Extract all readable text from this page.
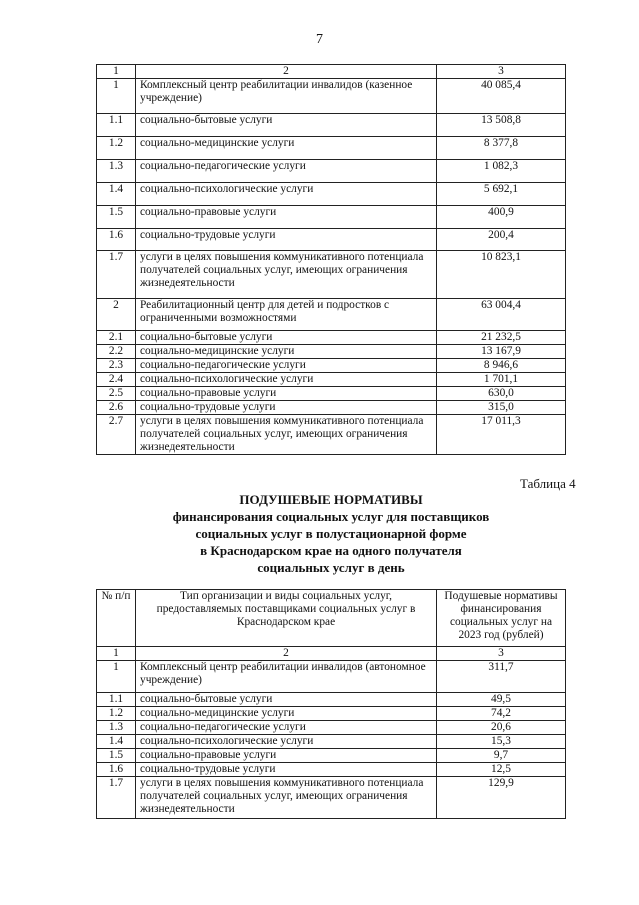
7
1	2	3
1	Комплексный центр реабилитации инвалидов (казенное учреждение)	40 085,4
1.1	социально-бытовые услуги	13 508,8
1.2	социально-медицинские услуги	8 377,8
1.3	социально-педагогические услуги	1 082,3
1.4	социально-психологические услуги	5 692,1
1.5	социально-правовые услуги	400,9
1.6	социально-трудовые услуги	200,4
1.7	услуги в целях повышения коммуникативного потенциала получателей социальных услуг, имеющих ограничения жизнедеятельности	10 823,1
2	Реабилитационный центр для детей и подростков с ограниченными возможностями	63 004,4
2.1	социально-бытовые услуги	21 232,5
2.2	социально-медицинские услуги	13 167,9
2.3	социально-педагогические услуги	8 946,6
2.4	социально-психологические услуги	1 701,1
2.5	социально-правовые услуги	630,0
2.6	социально-трудовые услуги	315,0
2.7	услуги в целях повышения коммуникативного потенциала получателей социальных услуг, имеющих ограничения жизнедеятельности	17 011,3
Таблица 4
ПОДУШЕВЫЕ НОРМАТИВЫ
финансирования социальных услуг для поставщиков
социальных услуг в полустационарной форме
в Краснодарском крае на одного получателя
социальных услуг в день
№ п/п	Тип организации и виды социальных услуг, предоставляемых поставщиками социальных услуг в Краснодарском крае	Подушевые нормативы финансирования социальных услуг на 2023 год (рублей)
1	2	3
1	Комплексный центр реабилитации инвалидов (автономное учреждение)	311,7
1.1	социально-бытовые услуги	49,5
1.2	социально-медицинские услуги	74,2
1.3	социально-педагогические услуги	20,6
1.4	социально-психологические услуги	15,3
1.5	социально-правовые услуги	9,7
1.6	социально-трудовые услуги	12,5
1.7	услуги в целях повышения коммуникативного потенциала получателей социальных услуг, имеющих ограничения жизнедеятельности	129,9
